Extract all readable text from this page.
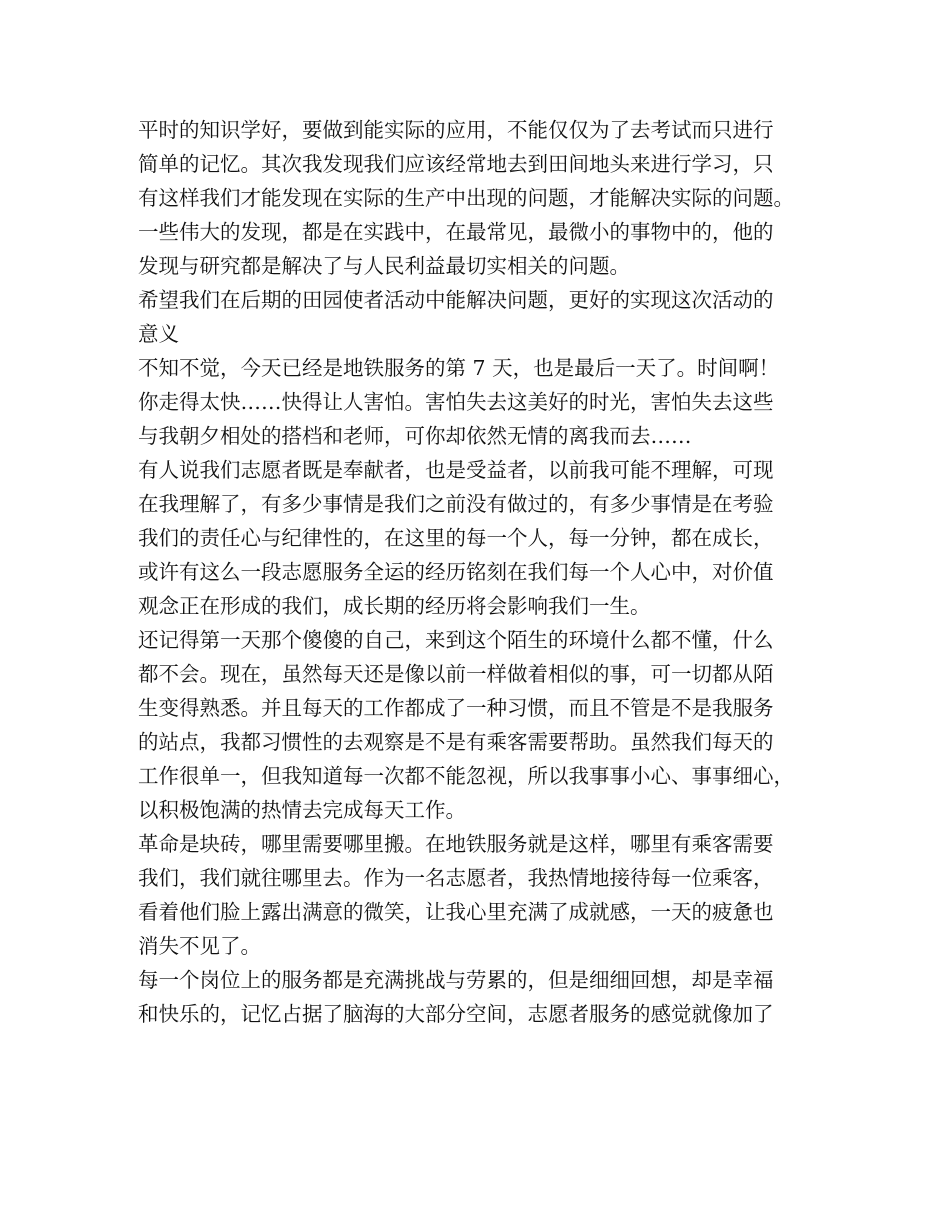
平时的知识学好，要做到能实际的应用，不能仅仅为了去考试而只进行
简单的记忆。其次我发现我们应该经常地去到田间地头来进行学习，只
有这样我们才能发现在实际的生产中出现的问题，才能解决实际的问题。
一些伟大的发现，都是在实践中，在最常见，最微小的事物中的，他的
发现与研究都是解决了与人民利益最切实相关的问题。
希望我们在后期的田园使者活动中能解决问题，更好的实现这次活动的
意义
不知不觉，今天已经是地铁服务的第 7 天，也是最后一天了。时间啊！
你走得太快……快得让人害怕。害怕失去这美好的时光，害怕失去这些
与我朝夕相处的搭档和老师，可你却依然无情的离我而去……
有人说我们志愿者既是奉献者，也是受益者，以前我可能不理解，可现
在我理解了，有多少事情是我们之前没有做过的，有多少事情是在考验
我们的责任心与纪律性的，在这里的每一个人，每一分钟，都在成长，
或许有这么一段志愿服务全运的经历铭刻在我们每一个人心中，对价值
观念正在形成的我们，成长期的经历将会影响我们一生。
还记得第一天那个傻傻的自己，来到这个陌生的环境什么都不懂，什么
都不会。现在，虽然每天还是像以前一样做着相似的事，可一切都从陌
生变得熟悉。并且每天的工作都成了一种习惯，而且不管是不是我服务
的站点，我都习惯性的去观察是不是有乘客需要帮助。虽然我们每天的
工作很单一，但我知道每一次都不能忽视，所以我事事小心、事事细心，
以积极饱满的热情去完成每天工作。
革命是块砖，哪里需要哪里搬。在地铁服务就是这样，哪里有乘客需要
我们，我们就往哪里去。作为一名志愿者，我热情地接待每一位乘客，
看着他们脸上露出满意的微笑，让我心里充满了成就感，一天的疲惫也
消失不见了。
每一个岗位上的服务都是充满挑战与劳累的，但是细细回想，却是幸福
和快乐的，记忆占据了脑海的大部分空间，志愿者服务的感觉就像加了
